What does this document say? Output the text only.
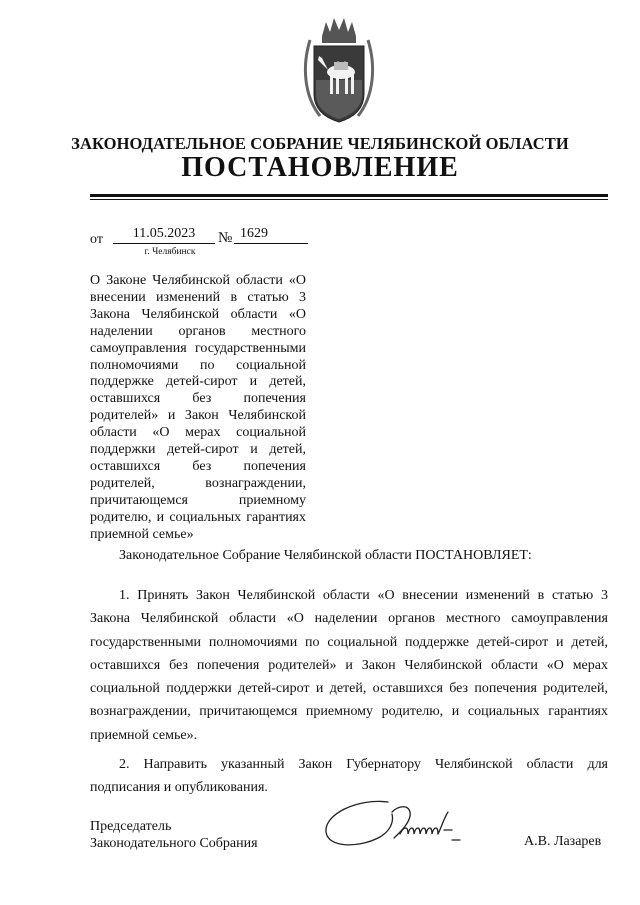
ЗАКОНОДАТЕЛЬНОЕ СОБРАНИЕ ЧЕЛЯБИНСКОЙ ОБЛАСТИ
ПОСТАНОВЛЕНИЕ
от	11.05.2023	№ 1629
г. Челябинск
О Законе Челябинской области «О внесении изменений в статью 3 Закона Челябинской области «О наделении органов местного самоуправления государственными полномочиями по социальной поддержке детей-сирот и детей, оставшихся без попечения родителей» и Закон Челябинской области «О мерах социальной поддержки детей-сирот и детей, оставшихся без попечения родителей, вознаграждении, причитающемся приемному родителю, и социальных гарантиях приемной семье»
Законодательное Собрание Челябинской области ПОСТАНОВЛЯЕТ:

1. Принять Закон Челябинской области «О внесении изменений в статью 3 Закона Челябинской области «О наделении органов местного самоуправления государственными полномочиями по социальной поддержке детей-сирот и детей, оставшихся без попечения родителей» и Закон Челябинской области «О мерах социальной поддержки детей-сирот и детей, оставшихся без попечения родителей, вознаграждении, причитающемся приемному родителю, и социальных гарантиях приемной семье».

2. Направить указанный Закон Губернатору Челябинской области для подписания и опубликования.

Председатель
Законодательного Собрания	А.В. Лазарев
